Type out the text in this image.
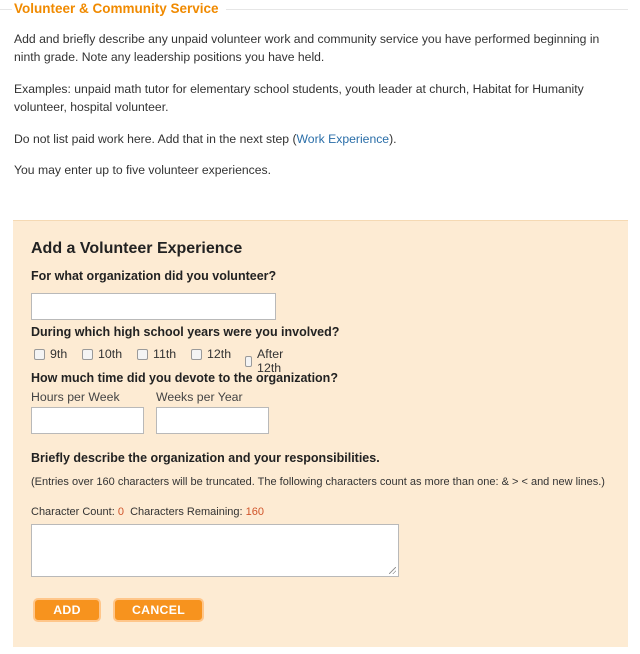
Volunteer & Community Service
Add and briefly describe any unpaid volunteer work and community service you have performed beginning in ninth grade. Note any leadership positions you have held.
Examples: unpaid math tutor for elementary school students, youth leader at church, Habitat for Humanity volunteer, hospital volunteer.
Do not list paid work here. Add that in the next step (Work Experience).
You may enter up to five volunteer experiences.
Add a Volunteer Experience
For what organization did you volunteer?
During which high school years were you involved?
9th 10th 11th 12th After 12th
How much time did you devote to the organization?
Hours per Week	Weeks per Year
Briefly describe the organization and your responsibilities.
(Entries over 160 characters will be truncated. The following characters count as more than one: & > < and new lines.)
Character Count: 0 Characters Remaining: 160
ADD	CANCEL
